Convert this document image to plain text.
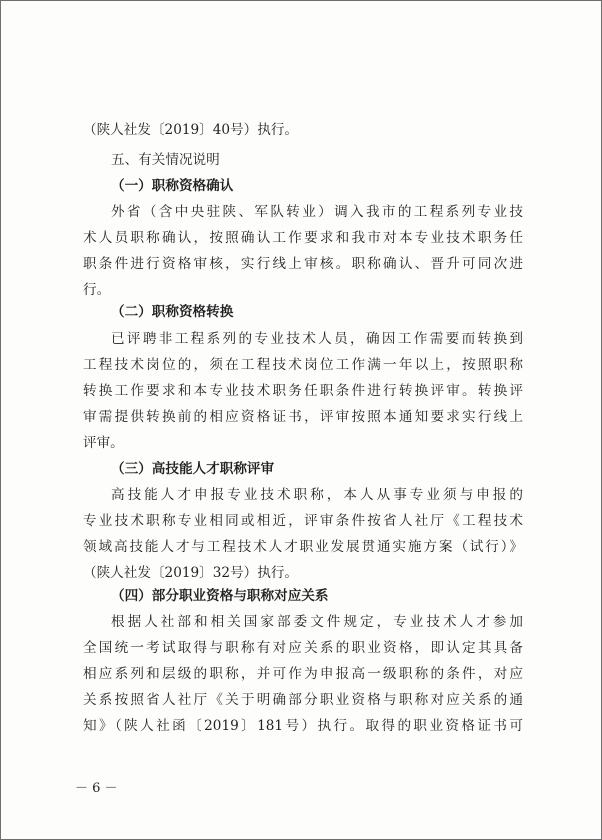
（陕人社发〔2019〕40号）执行。
五、有关情况说明
（一）职称资格确认
外省（含中央驻陕、军队转业）调入我市的工程系列专业技
术人员职称确认，按照确认工作要求和我市对本专业技术职务任
职条件进行资格审核，实行线上审核。职称确认、晋升可同次进
行。
（二）职称资格转换
已评聘非工程系列的专业技术人员，确因工作需要而转换到
工程技术岗位的，须在工程技术岗位工作满一年以上，按照职称
转换工作要求和本专业技术职务任职条件进行转换评审。转换评
审需提供转换前的相应资格证书，评审按照本通知要求实行线上
评审。
（三）高技能人才职称评审
高技能人才申报专业技术职称，本人从事专业须与申报的
专业技术职称专业相同或相近，评审条件按省人社厅《工程技术
领域高技能人才与工程技术人才职业发展贯通实施方案（试行）》
（陕人社发〔2019〕32号）执行。
（四）部分职业资格与职称对应关系
根据人社部和相关国家部委文件规定，专业技术人才参加
全国统一考试取得与职称有对应关系的职业资格，即认定其具备
相应系列和层级的职称，并可作为申报高一级职称的条件，对应
关系按照省人社厅《关于明确部分职业资格与职称对应关系的通
知》（陕人社函〔2019〕181号）执行。取得的职业资格证书可
－ 6 －
